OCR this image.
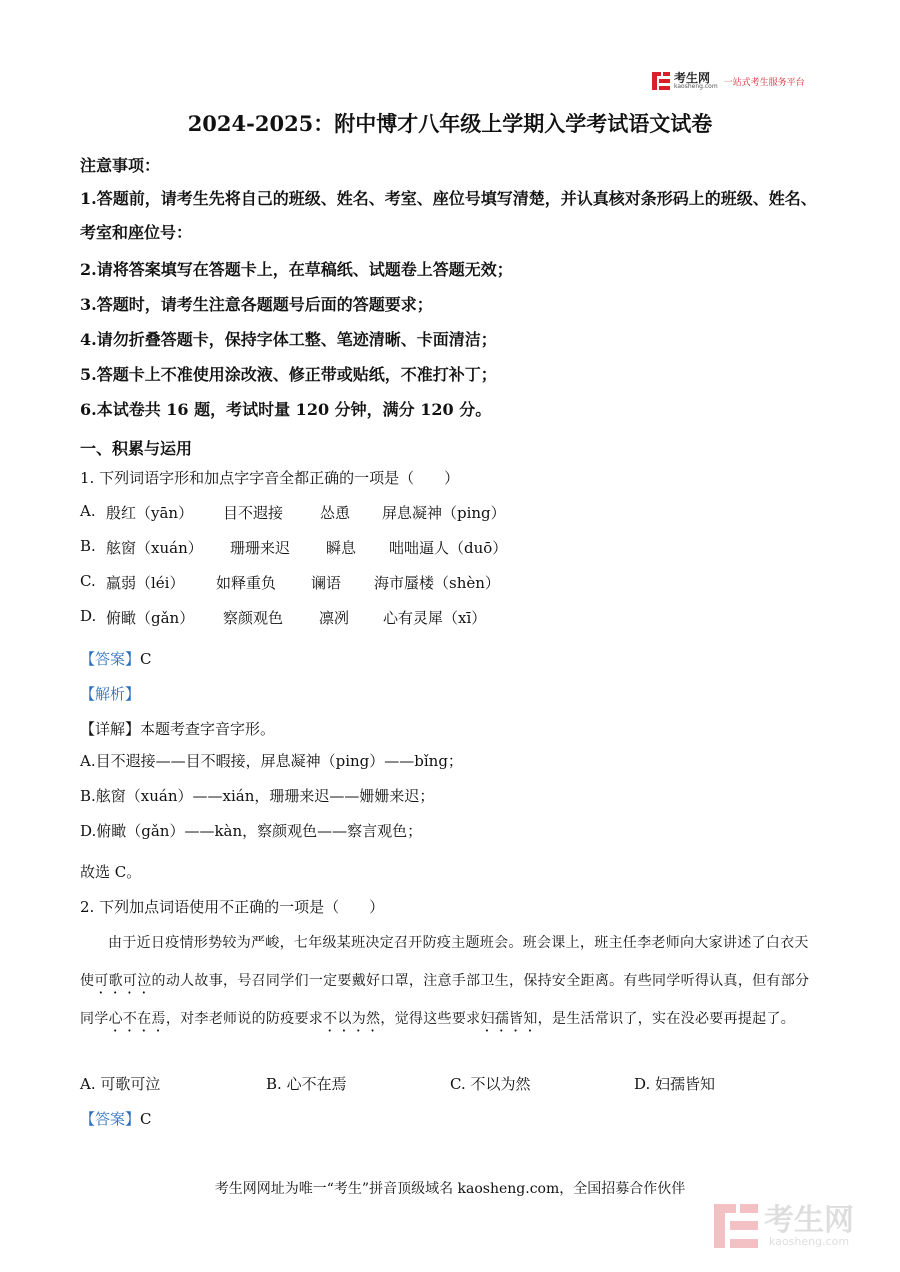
考生网
kaosheng.com 一站式考生服务平台
2024-2025：附中博才八年级上学期入学考试语文试卷
注意事项：
1.答题前，请考生先将自己的班级、姓名、考室、座位号填写清楚，并认真核对条形码上的班级、姓名、考室和座位号：
2.请将答案填写在答题卡上，在草稿纸、试题卷上答题无效；
3.答题时，请考生注意各题题号后面的答题要求；
4.请勿折叠答题卡，保持字体工整、笔迹清晰、卡面清洁；
5.答题卡上不准使用涂改液、修正带或贴纸，不准打补丁；
6.本试卷共 16 题，考试时量 120 分钟，满分 120 分。
一、积累与运用
1. 下列词语字形和加点字字音全都正确的一项是（　　）
A. 殷红（yān） 目不遐接 怂恿 屏息凝神（ping）
B. 舷窗（xuán） 珊珊来迟 瞬息 咄咄逼人（duō）
C. 羸弱（léi） 如释重负 谰语 海市蜃楼（shèn）
D. 俯瞰（gǎn） 察颜观色 凛冽 心有灵犀（xī）
【答案】C
【解析】
【详解】本题考查字音字形。
A.目不遐接——目不暇接，屏息凝神（ping）——bǐng；
B.舷窗（xuán）——xián，珊珊来迟——姗姗来迟；
D.俯瞰（gǎn）——kàn，察颜观色——察言观色；
故选 C。
2. 下列加点词语使用不正确的一项是（　　）
由于近日疫情形势较为严峻，七年级某班决定召开防疫主题班会。班会课上，班主任李老师向大家讲述了白衣天使可歌可泣的动人故事，号召同学们一定要戴好口罩，注意手部卫生，保持安全距离。有些同学听得认真，但有部分同学心不在焉，对李老师说的防疫要求不以为然，觉得这些要求妇孺皆知，是生活常识了，实在没必要再提起了。
A. 可歌可泣	B. 心不在焉	C. 不以为然	D. 妇孺皆知
【答案】C
考生网网址为唯一“考生”拼音顶级域名 kaosheng.com，全国招募合作伙伴
考生网
kaosheng.com
